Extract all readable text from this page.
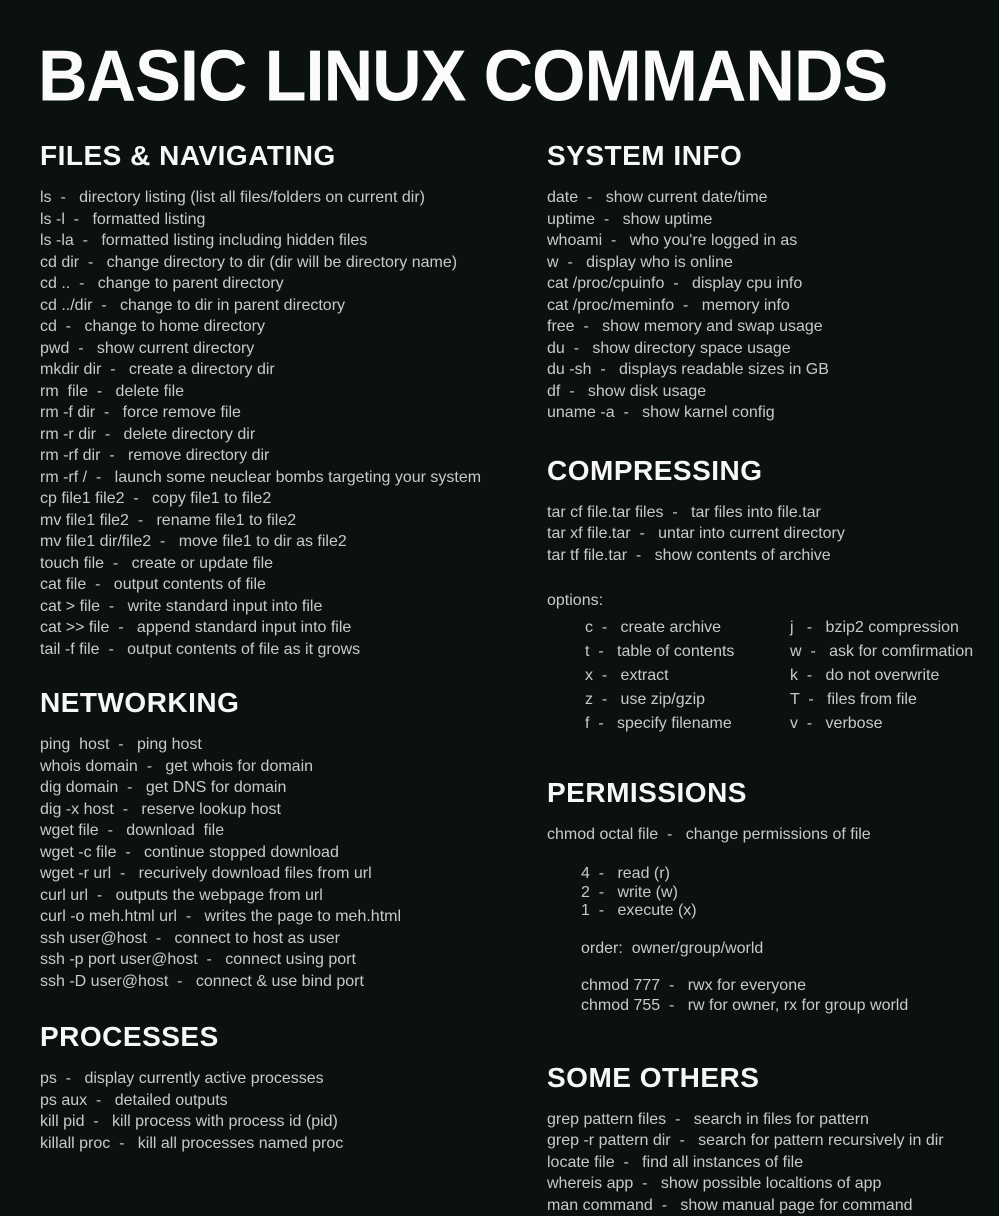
BASIC LINUX COMMANDS
FILES & NAVIGATING
ls  -   directory listing (list all files/folders on current dir)
ls -l  -   formatted listing
ls -la  -   formatted listing including hidden files
cd dir  -   change directory to dir (dir will be directory name)
cd ..  -   change to parent directory
cd ../dir  -   change to dir in parent directory
cd  -   change to home directory
pwd  -   show current directory
mkdir dir  -   create a directory dir
rm  file  -   delete file
rm -f dir  -   force remove file
rm -r dir  -   delete directory dir
rm -rf dir  -   remove directory dir
rm -rf /  -   launch some neuclear bombs targeting your system
cp file1 file2  -   copy file1 to file2
mv file1 file2  -   rename file1 to file2
mv file1 dir/file2  -   move file1 to dir as file2
touch file  -   create or update file
cat file  -   output contents of file
cat > file  -   write standard input into file
cat >> file  -   append standard input into file
tail -f file  -   output contents of file as it grows
NETWORKING
ping  host  -   ping host
whois domain  -   get whois for domain
dig domain  -   get DNS for domain
dig -x host  -   reserve lookup host
wget file  -   download  file
wget -c file  -   continue stopped download
wget -r url  -   recurively download files from url
curl url  -   outputs the webpage from url
curl -o meh.html url  -   writes the page to meh.html
ssh user@host  -   connect to host as user
ssh -p port user@host  -   connect using port
ssh -D user@host  -   connect & use bind port
PROCESSES
ps  -   display currently active processes
ps aux  -   detailed outputs
kill pid  -   kill process with process id (pid)
killall proc  -   kill all processes named proc
SYSTEM INFO
date  -   show current date/time
uptime  -   show uptime
whoami  -   who you're logged in as
w  -   display who is online
cat /proc/cpuinfo  -   display cpu info
cat /proc/meminfo  -   memory info
free  -   show memory and swap usage
du  -   show directory space usage
du -sh  -   displays readable sizes in GB
df  -   show disk usage
uname -a  -   show karnel config
COMPRESSING
tar cf file.tar files  -   tar files into file.tar
tar xf file.tar  -   untar into current directory
tar tf file.tar  -   show contents of archive
options:
c  -   create archive
t  -   table of contents
x  -   extract
z  -   use zip/gzip
f  -   specify filename
j   -   bzip2 compression
w  -   ask for comfirmation
k  -   do not overwrite
T  -   files from file
v  -   verbose
PERMISSIONS
chmod octal file  -   change permissions of file
4  -   read (r)
2  -   write (w)
1  -   execute (x)
order:  owner/group/world
chmod 777  -   rwx for everyone
chmod 755  -   rw for owner, rx for group world
SOME OTHERS
grep pattern files  -   search in files for pattern
grep -r pattern dir  -   search for pattern recursively in dir
locate file  -   find all instances of file
whereis app  -   show possible localtions of app
man command  -   show manual page for command
